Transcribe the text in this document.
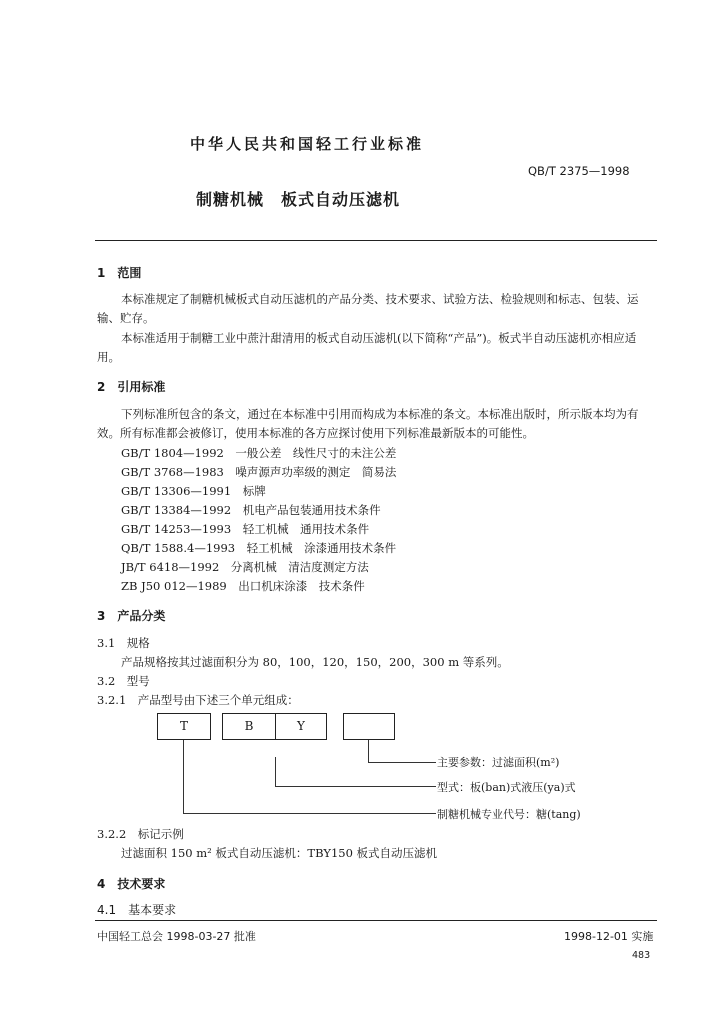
中华人民共和国轻工行业标准
QB/T 2375—1998
制糖机械　板式自动压滤机
1　范围
本标准规定了制糖机械板式自动压滤机的产品分类、技术要求、试验方法、检验规则和标志、包装、运输、贮存。
本标准适用于制糖工业中蔗汁甜清用的板式自动压滤机(以下简称“产品”)。板式半自动压滤机亦相应适用。
2　引用标准
下列标准所包含的条文，通过在本标准中引用而构成为本标准的条文。本标准出版时，所示版本均为有效。所有标准都会被修订，使用本标准的各方应探讨使用下列标准最新版本的可能性。
GB/T 1804—1992　一般公差　线性尺寸的未注公差
GB/T 3768—1983　噪声源声功率级的测定　简易法
GB/T 13306—1991　标牌
GB/T 13384—1992　机电产品包装通用技术条件
GB/T 14253—1993　轻工机械　通用技术条件
QB/T 1588.4—1993　轻工机械　涂漆通用技术条件
JB/T 6418—1992　分离机械　清洁度测定方法
ZB J50 012—1989　出口机床涂漆　技术条件
3　产品分类
3.1　规格
产品规格按其过滤面积分为 80，100，120，150，200，300 m 等系列。
3.2　型号
3.2.1　产品型号由下述三个单元组成：
T	B	Y
主要参数：过滤面积(m²)
型式：板(ban)式液压(ya)式
制糖机械专业代号：糖(tang)
3.2.2　标记示例
过滤面积 150 m² 板式自动压滤机：TBY150 板式自动压滤机
4　技术要求
4.1　基本要求
中国轻工总会 1998-03-27 批准	1998-12-01 实施
483
